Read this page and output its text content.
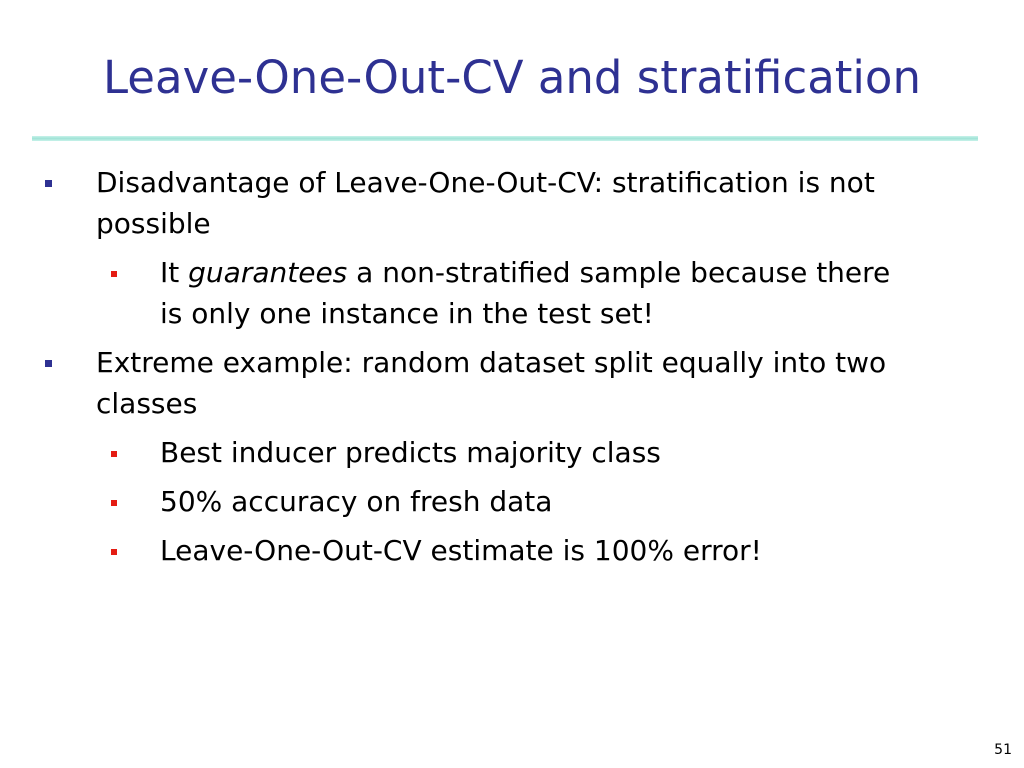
Leave-One-Out-CV and stratification
Disadvantage of Leave-One-Out-CV: stratification is not
possible
It guarantees a non-stratified sample because there
is only one instance in the test set!
Extreme example: random dataset split equally into two
classes
Best inducer predicts majority class
50% accuracy on fresh data
Leave-One-Out-CV estimate is 100% error!
51
